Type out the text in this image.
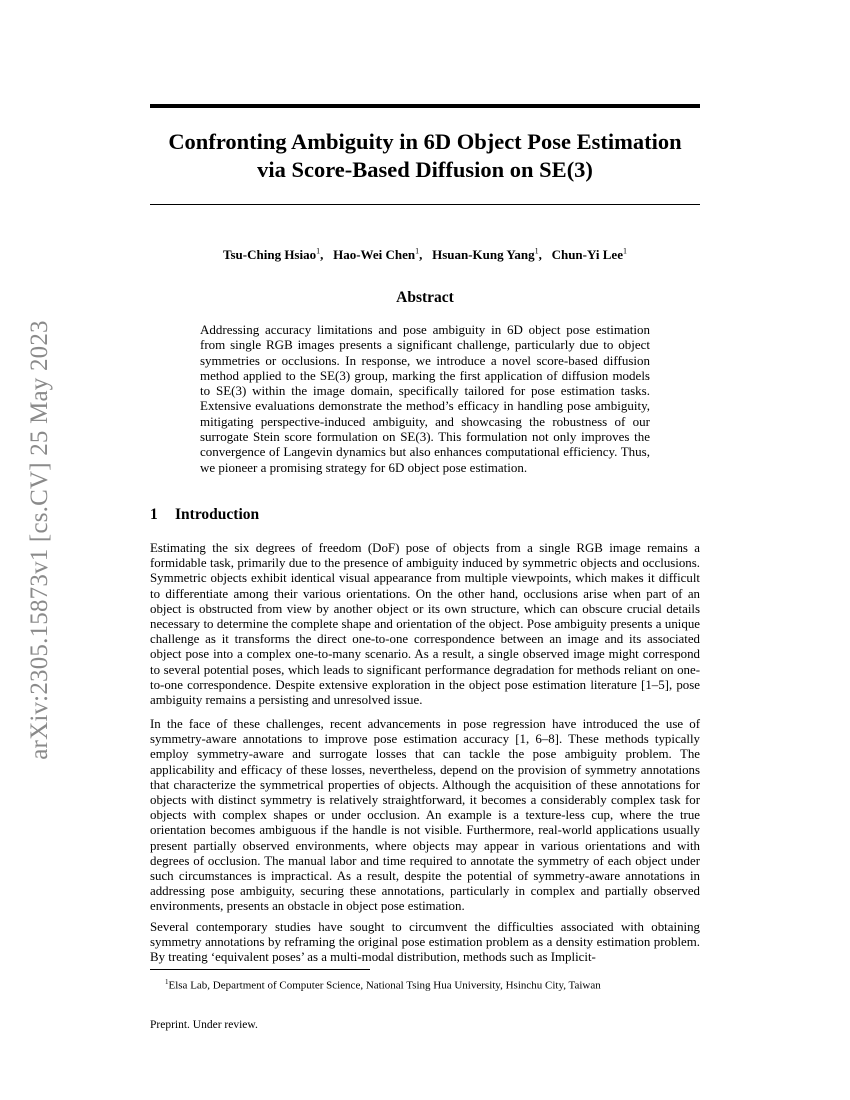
arXiv:2305.15873v1 [cs.CV] 25 May 2023
Confronting Ambiguity in 6D Object Pose Estimation
via Score-Based Diffusion on SE(3)
Tsu-Ching Hsiao$^1$,   Hao-Wei Chen$^1$,   Hsuan-Kung Yang$^1$,   Chun-Yi Lee$^1$
Abstract

Addressing accuracy limitations and pose ambiguity in 6D object pose estimation from single RGB images presents a significant challenge, particularly due to object symmetries or occlusions. In response, we introduce a novel score-based diffusion method applied to the SE(3) group, marking the first application of diffusion models to SE(3) within the image domain, specifically tailored for pose estimation tasks. Extensive evaluations demonstrate the method’s efficacy in handling pose ambiguity, mitigating perspective-induced ambiguity, and showcasing the robustness of our surrogate Stein score formulation on SE(3). This formulation not only improves the convergence of Langevin dynamics but also enhances computational efficiency. Thus, we pioneer a promising strategy for 6D object pose estimation.

1 Introduction

Estimating the six degrees of freedom (DoF) pose of objects from a single RGB image remains a formidable task, primarily due to the presence of ambiguity induced by symmetric objects and occlusions. Symmetric objects exhibit identical visual appearance from multiple viewpoints, which makes it difficult to differentiate among their various orientations. On the other hand, occlusions arise when part of an object is obstructed from view by another object or its own structure, which can obscure crucial details necessary to determine the complete shape and orientation of the object. Pose ambiguity presents a unique challenge as it transforms the direct one-to-one correspondence between an image and its associated object pose into a complex one-to-many scenario. As a result, a single observed image might correspond to several potential poses, which leads to significant performance degradation for methods reliant on one-to-one correspondence. Despite extensive exploration in the object pose estimation literature [1–5], pose ambiguity remains a persisting and unresolved issue.

In the face of these challenges, recent advancements in pose regression have introduced the use of symmetry-aware annotations to improve pose estimation accuracy [1, 6–8]. These methods typically employ symmetry-aware and surrogate losses that can tackle the pose ambiguity problem. The applicability and efficacy of these losses, nevertheless, depend on the provision of symmetry annotations that characterize the symmetrical properties of objects. Although the acquisition of these annotations for objects with distinct symmetry is relatively straightforward, it becomes a considerably complex task for objects with complex shapes or under occlusion. An example is a texture-less cup, where the true orientation becomes ambiguous if the handle is not visible. Furthermore, real-world applications usually present partially observed environments, where objects may appear in various orientations and with degrees of occlusion. The manual labor and time required to annotate the symmetry of each object under such circumstances is impractical. As a result, despite the potential of symmetry-aware annotations in addressing pose ambiguity, securing these annotations, particularly in complex and partially observed environments, presents an obstacle in object pose estimation.

Several contemporary studies have sought to circumvent the difficulties associated with obtaining symmetry annotations by reframing the original pose estimation problem as a density estimation problem. By treating ‘equivalent poses’ as a multi-modal distribution, methods such as Implicit-

$^1$Elsa Lab, Department of Computer Science, National Tsing Hua University, Hsinchu City, Taiwan

Preprint. Under review.
